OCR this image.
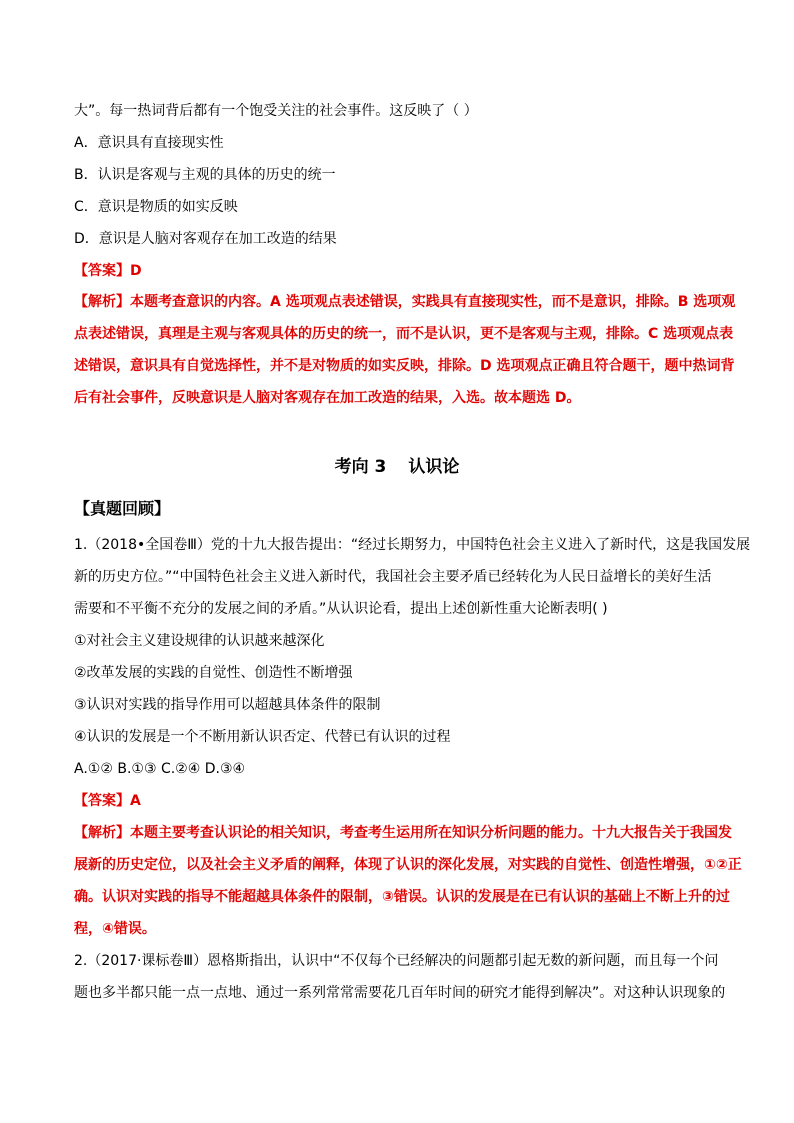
大”。每一热词背后都有一个饱受关注的社会事件。这反映了（ ）
A．意识具有直接现实性
B．认识是客观与主观的具体的历史的统一
C．意识是物质的如实反映
D．意识是人脑对客观存在加工改造的结果
【答案】D
【解析】本题考查意识的内容。A 选项观点表述错误，实践具有直接现实性，而不是意识，排除。B 选项观
点表述错误，真理是主观与客观具体的历史的统一，而不是认识，更不是客观与主观，排除。C 选项观点表
述错误，意识具有自觉选择性，并不是对物质的如实反映，排除。D 选项观点正确且符合题干，题中热词背
后有社会事件，反映意识是人脑对客观存在加工改造的结果，入选。故本题选 D。
考向 3 认识论
【真题回顾】
1.（2018•全国卷Ⅲ）党的十九大报告提出：“经过长期努力，中国特色社会主义进入了新时代，这是我国发展
新的历史方位。”“中国特色社会主义进入新时代，我国社会主要矛盾已经转化为人民日益增长的美好生活
需要和不平衡不充分的发展之间的矛盾。”从认识论看，提出上述创新性重大论断表明( )
①对社会主义建设规律的认识越来越深化
②改革发展的实践的自觉性、创造性不断增强
③认识对实践的指导作用可以超越具体条件的限制
④认识的发展是一个不断用新认识否定、代替已有认识的过程
A.①② B.①③ C.②④ D.③④
【答案】A
【解析】本题主要考查认识论的相关知识，考查考生运用所在知识分析问题的能力。十九大报告关于我国发
展新的历史定位，以及社会主义矛盾的阐释，体现了认识的深化发展，对实践的自觉性、创造性增强，①②正
确。认识对实践的指导不能超越具体条件的限制，③错误。认识的发展是在已有认识的基础上不断上升的过
程，④错误。
2.（2017·课标卷Ⅲ）恩格斯指出，认识中“不仅每个已经解决的问题都引起无数的新问题，而且每一个问
题也多半都只能一点一点地、通过一系列常常需要花几百年时间的研究才能得到解决”。对这种认识现象的
